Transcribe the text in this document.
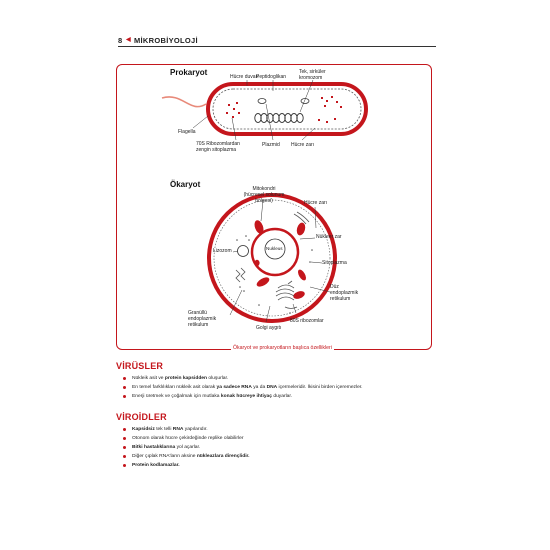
8 ◀ MİKROBİYOLOJİ
Prokaryot	Hücre duvarı
Peptidoglikan
Tek, sirküler kromozom
Flagella
70S Ribozomlardan zengin sitoplazma
Plazmid Hücre zarı
Ökaryot	Mitokondri (hücresel solunum bölgesi)	Hücre zarı
Nükleer zar
Lizozom	Nukleus
Sitoplazma
Düz endoplazmik retikulum
Granüllü endoplazmik retikulum
80S ribozomlar
Golgi aygıtı
Ökaryot ve prokaryotların başlıca özellikleri
VİRÜSLER
Nükleik asit ve protein kapsidden oluşurlar.
En temel farklılıkları nükleik asit olarak ya sadece RNA ya da DNA içermeleridir. İkisini birden içeremezler.
Enerji üretmek ve çoğalmak için mutlaka konak hücreye ihtiyaç duyarlar.
VİROİDLER
Kapsidsiz tek telli RNA yapılarıdır.
Otonom olarak hücre çekirdeğinde replike olabilirler
Bitki hastalıklarına yol açarlar.
Diğer çıplak RNA'ların aksine nükleazlara dirençlidir.
Protein kodlamazlar.
